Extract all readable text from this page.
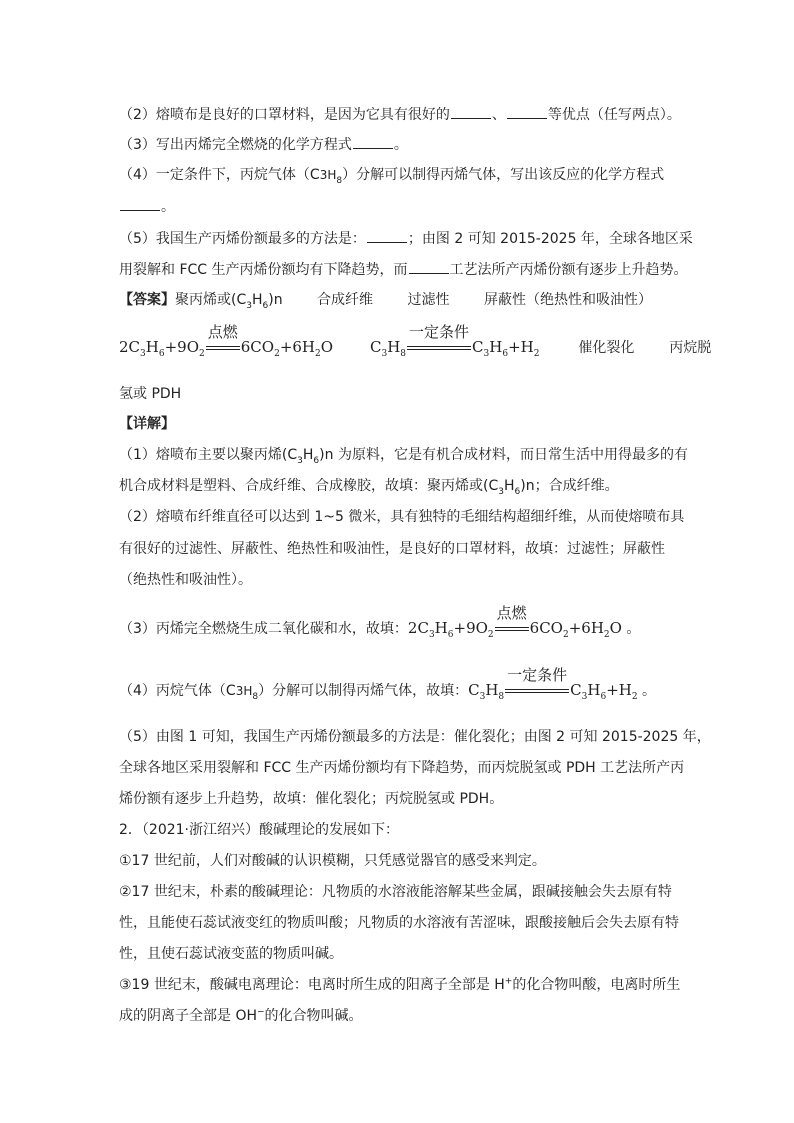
（2）熔喷布是良好的口罩材料，是因为它具有很好的	、	等优点（任写两点）。
（3）写出丙烯完全燃烧的化学方程式	。
（4）一定条件下，丙烷气体$(C3H_8)$分解可以制得丙烯气体，写出该反应的化学方程式
。
（5）我国生产丙烯份额最多的方法是：	；由图 2 可知 2015-2025 年，全球各地区采
用裂解和 FCC 生产丙烯份额均有下降趋势，而	工艺法所产丙烯份额有逐步上升趋势。
【答案】聚丙烯或$(C_3H_6)n$ 合成纤维 过滤性 屏蔽性（绝热性和吸油性）
$2C_3H_6+9O_2$
点燃
$6CO_2+6H_2O$ $C_3H_8$
一定条件
$C_3H_6+H_2$	催化裂化 丙烷脱
氢或 PDH
【详解】
（1）熔喷布主要以聚丙烯$(C_3H_6)n$ 为原料，它是有机合成材料，而日常生活中用得最多的有
机合成材料是塑料、合成纤维、合成橡胶，故填：聚丙烯或$(C_3H_6)n$；合成纤维。
（2）熔喷布纤维直径可以达到 1~5 微米，具有独特的毛细结构超细纤维，从而使熔喷布具
有很好的过滤性、屏蔽性、绝热性和吸油性，是良好的口罩材料，故填：过滤性；屏蔽性
（绝热性和吸油性）。
（3）丙烯完全燃烧生成二氧化碳和水，故填：$2C_3H_6+9O_2$
点燃
$6CO_2+6H_2O$ 。
（4）丙烷气体$(C3H_8)$分解可以制得丙烯气体，故填：$C_3H_8$
一定条件
$C_3H_6+H_2$ 。
（5）由图 1 可知，我国生产丙烯份额最多的方法是：催化裂化；由图 2 可知 2015-2025 年，
全球各地区采用裂解和 FCC 生产丙烯份额均有下降趋势，而丙烷脱氢或 PDH 工艺法所产丙
烯份额有逐步上升趋势，故填：催化裂化；丙烷脱氢或 PDH。
2．（2021·浙江绍兴）酸碱理论的发展如下：
①17 世纪前，人们对酸碱的认识模糊，只凭感觉器官的感受来判定。
②17 世纪末，朴素的酸碱理论：凡物质的水溶液能溶解某些金属，跟碱接触会失去原有特
性，且能使石蕊试液变红的物质叫酸；凡物质的水溶液有苦涩味，跟酸接触后会失去原有特
性，且使石蕊试液变蓝的物质叫碱。
③19 世纪末，酸碱电离理论：电离时所生成的阳离子全部是 H+的化合物叫酸，电离时所生
成的阴离子全部是 OH−的化合物叫碱。
